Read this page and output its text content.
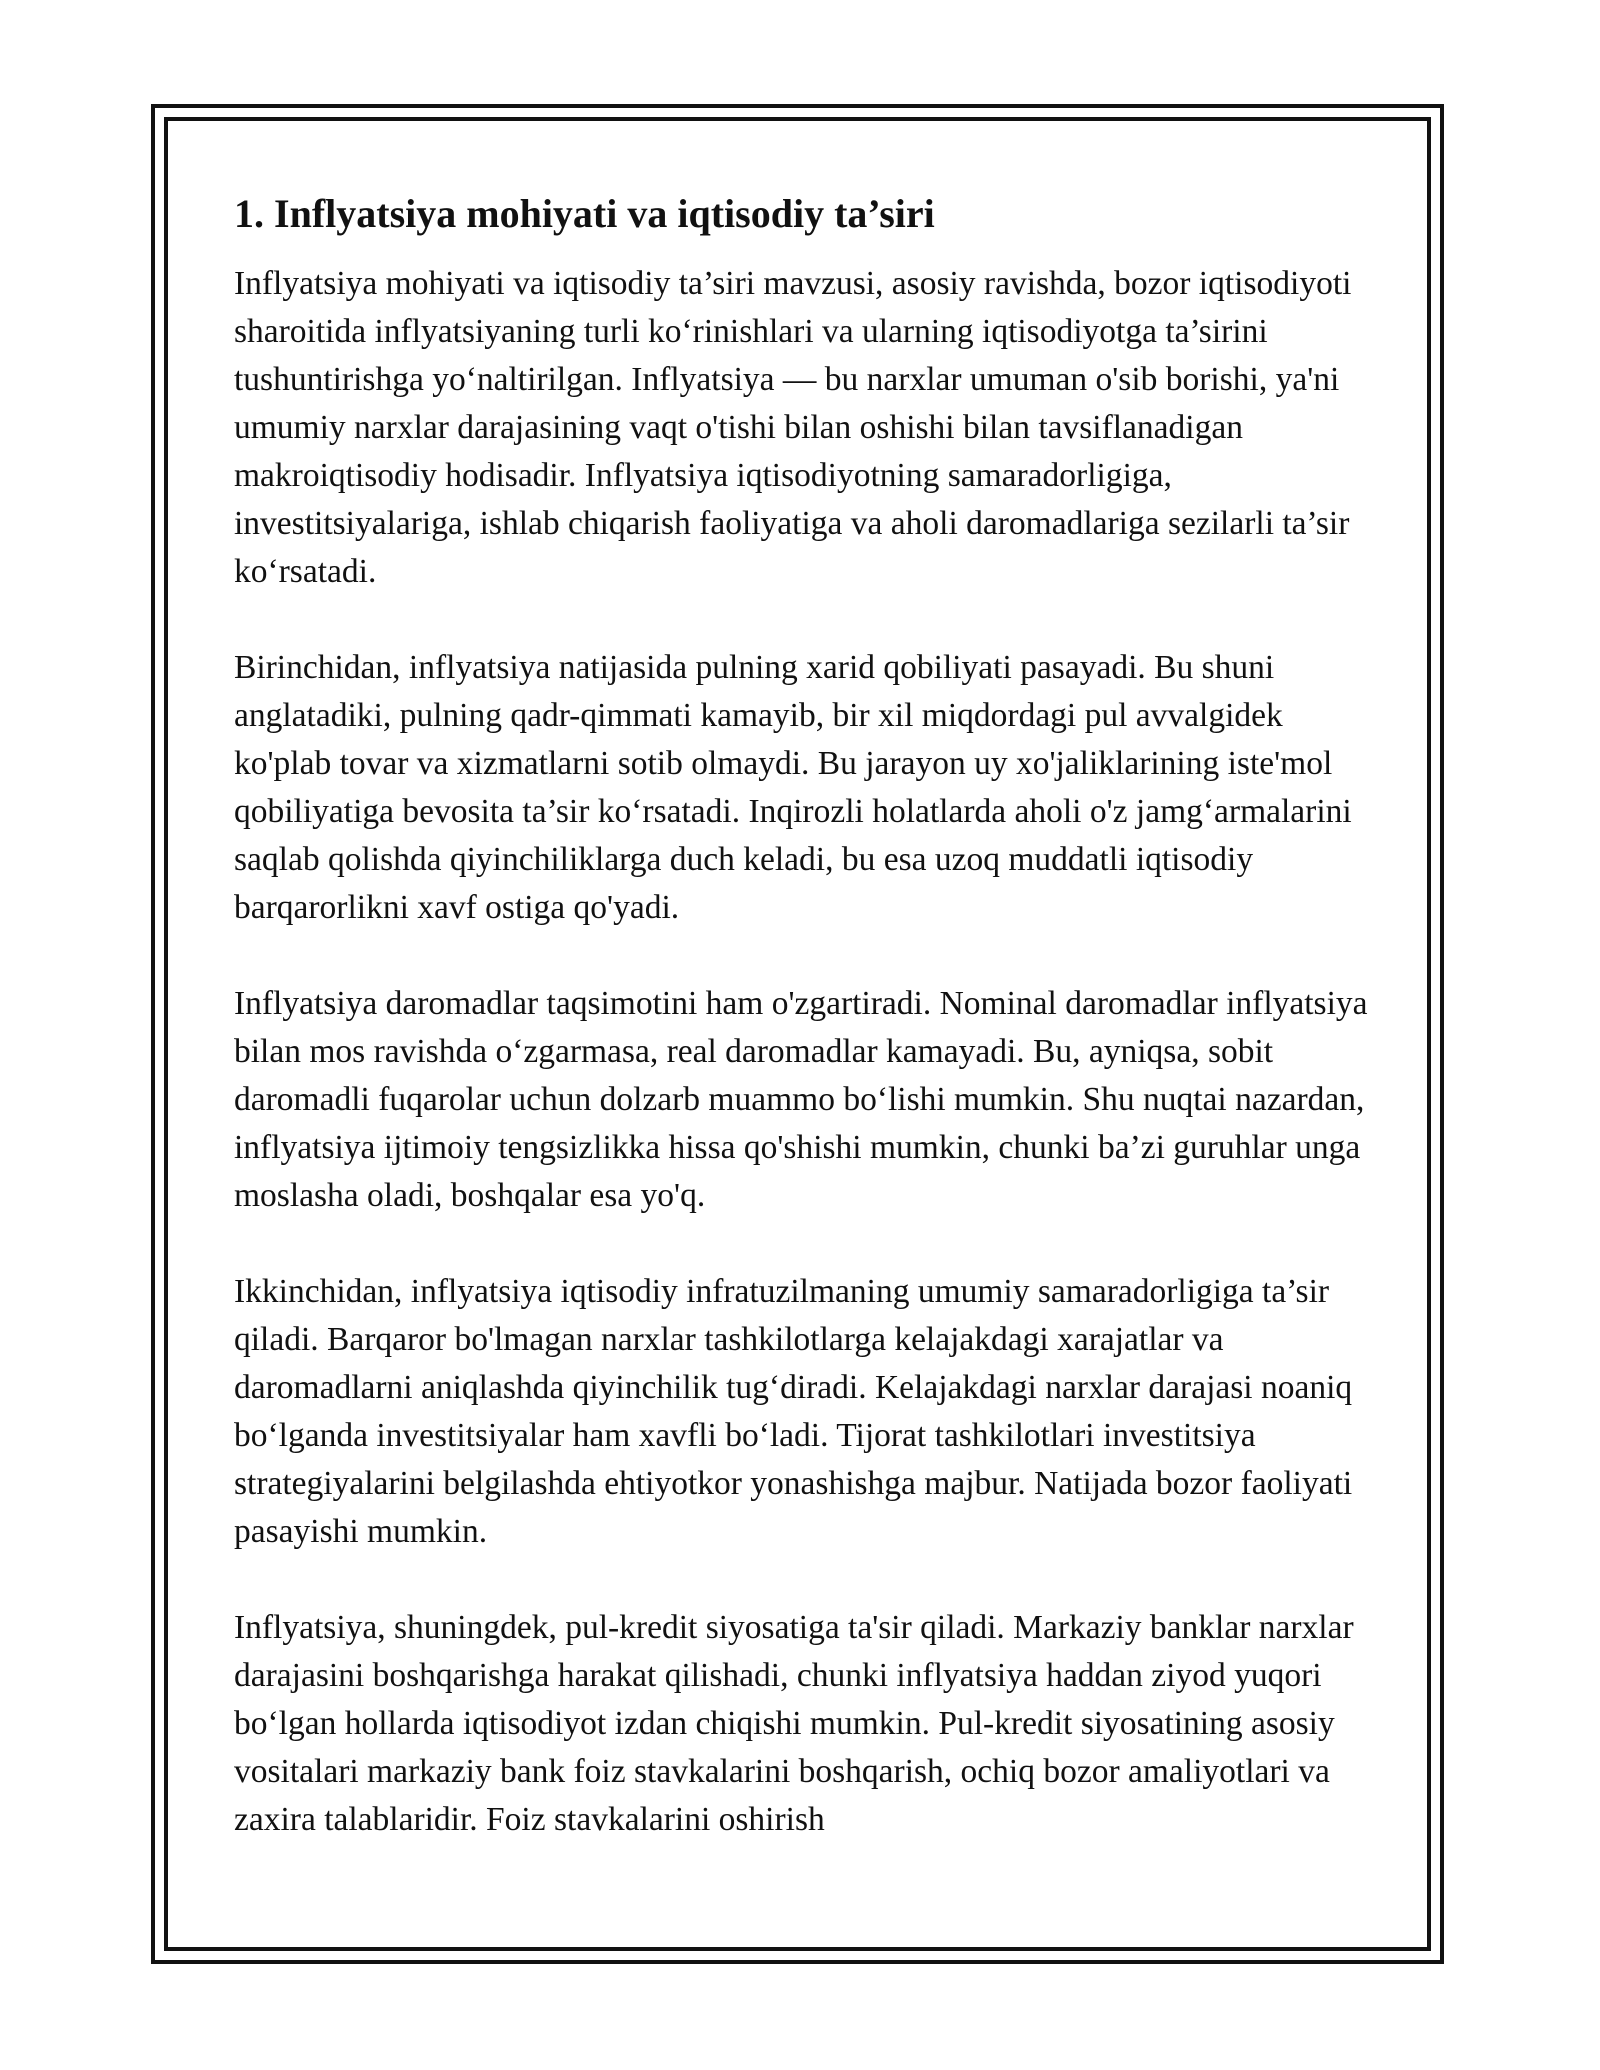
1. Inflyatsiya mohiyati va iqtisodiy ta’siri

Inflyatsiya mohiyati va iqtisodiy ta’siri mavzusi, asosiy ravishda, bozor iqtisodiyoti sharoitida inflyatsiyaning turli ko‘rinishlari va ularning iqtisodiyotga ta’sirini tushuntirishga yo‘naltirilgan. Inflyatsiya — bu narxlar umuman o'sib borishi, ya'ni umumiy narxlar darajasining vaqt o'tishi bilan oshishi bilan tavsiflanadigan makroiqtisodiy hodisadir. Inflyatsiya iqtisodiyotning samaradorligiga, investitsiyalariga, ishlab chiqarish faoliyatiga va aholi daromadlariga sezilarli ta’sir ko‘rsatadi.

Birinchidan, inflyatsiya natijasida pulning xarid qobiliyati pasayadi. Bu shuni anglatadiki, pulning qadr-qimmati kamayib, bir xil miqdordagi pul avvalgidek ko'plab tovar va xizmatlarni sotib olmaydi. Bu jarayon uy xo'jaliklarining iste'mol qobiliyatiga bevosita ta’sir ko‘rsatadi. Inqirozli holatlarda aholi o'z jamg‘armalarini saqlab qolishda qiyinchiliklarga duch keladi, bu esa uzoq muddatli iqtisodiy barqarorlikni xavf ostiga qo'yadi.

Inflyatsiya daromadlar taqsimotini ham o'zgartiradi. Nominal daromadlar inflyatsiya bilan mos ravishda o‘zgarmasa, real daromadlar kamayadi. Bu, ayniqsa, sobit daromadli fuqarolar uchun dolzarb muammo bo‘lishi mumkin. Shu nuqtai nazardan, inflyatsiya ijtimoiy tengsizlikka hissa qo'shishi mumkin, chunki ba’zi guruhlar unga moslasha oladi, boshqalar esa yo'q.

Ikkinchidan, inflyatsiya iqtisodiy infratuzilmaning umumiy samaradorligiga ta’sir qiladi. Barqaror bo'lmagan narxlar tashkilotlarga kelajakdagi xarajatlar va daromadlarni aniqlashda qiyinchilik tug‘diradi. Kelajakdagi narxlar darajasi noaniq bo‘lganda investitsiyalar ham xavfli bo‘ladi. Tijorat tashkilotlari investitsiya strategiyalarini belgilashda ehtiyotkor yonashishga majbur. Natijada bozor faoliyati pasayishi mumkin.

Inflyatsiya, shuningdek, pul-kredit siyosatiga ta'sir qiladi. Markaziy banklar narxlar darajasini boshqarishga harakat qilishadi, chunki inflyatsiya haddan ziyod yuqori bo‘lgan hollarda iqtisodiyot izdan chiqishi mumkin. Pul-kredit siyosatining asosiy vositalari markaziy bank foiz stavkalarini boshqarish, ochiq bozor amaliyotlari va zaxira talablaridir. Foiz stavkalarini oshirish
